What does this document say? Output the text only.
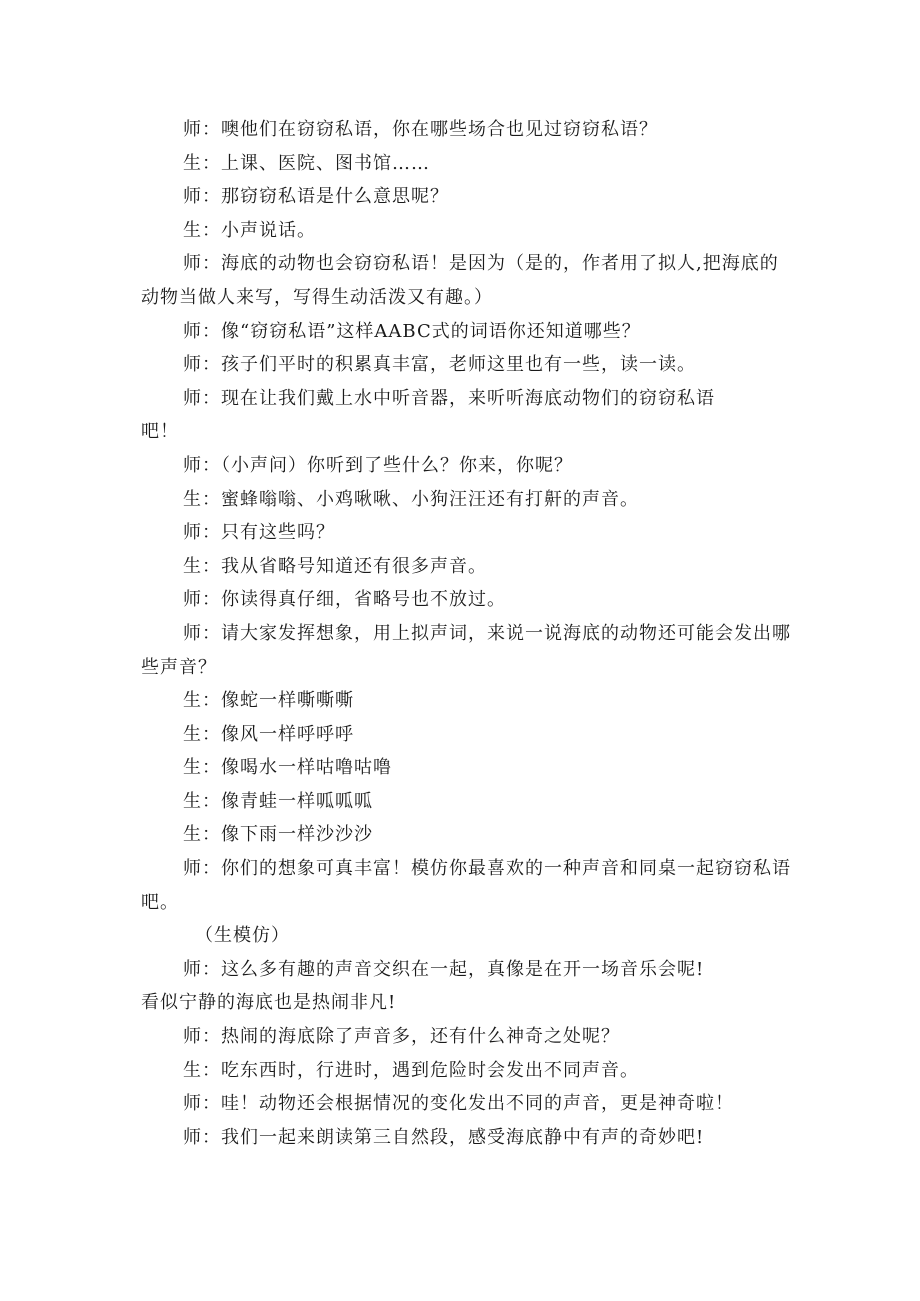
师：噢他们在窃窃私语，你在哪些场合也见过窃窃私语？

生：上课、医院、图书馆……

师：那窃窃私语是什么意思呢？

生：小声说话。

师：海底的动物也会窃窃私语！是因为（是的，作者用了拟人,把海底的动物当做人来写，写得生动活泼又有趣。）

师：像“窃窃私语”这样AABC式的词语你还知道哪些？

师：孩子们平时的积累真丰富，老师这里也有一些，读一读。

师：现在让我们戴上水中听音器，来听听海底动物们的窃窃私语

吧！

师：（小声问）你听到了些什么？你来，你呢？

生：蜜蜂嗡嗡、小鸡啾啾、小狗汪汪还有打鼾的声音。

师：只有这些吗？

生：我从省略号知道还有很多声音。

师：你读得真仔细，省略号也不放过。

师：请大家发挥想象，用上拟声词，来说一说海底的动物还可能会发出哪些声音？

生：像蛇一样嘶嘶嘶

生：像风一样呼呼呼

生：像喝水一样咕噜咕噜

生：像青蛙一样呱呱呱

生：像下雨一样沙沙沙

师：你们的想象可真丰富！模仿你最喜欢的一种声音和同桌一起窃窃私语吧。

（生模仿）

师：这么多有趣的声音交织在一起，真像是在开一场音乐会呢!

看似宁静的海底也是热闹非凡!

师：热闹的海底除了声音多，还有什么神奇之处呢？

生：吃东西时，行进时，遇到危险时会发出不同声音。

师：哇！动物还会根据情况的变化发出不同的声音，更是神奇啦！

师：我们一起来朗读第三自然段，感受海底静中有声的奇妙吧!
